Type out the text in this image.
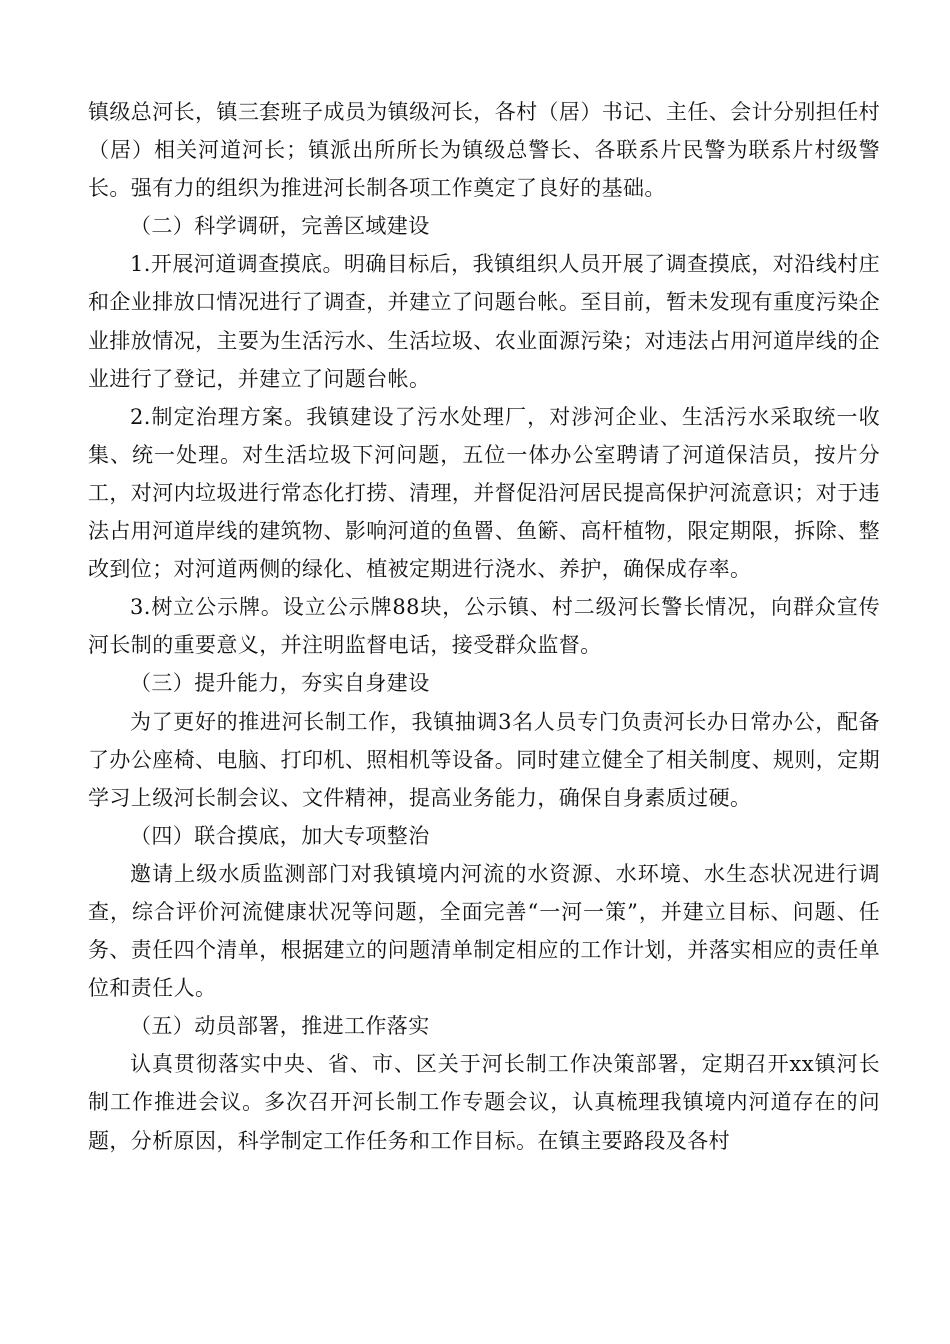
镇级总河长，镇三套班子成员为镇级河长，各村（居）书记、主任、会计分别担任村（居）相关河道河长；镇派出所所长为镇级总警长、各联系片民警为联系片村级警长。强有力的组织为推进河长制各项工作奠定了良好的基础。

（二）科学调研，完善区域建设

1.开展河道调查摸底。明确目标后，我镇组织人员开展了调查摸底，对沿线村庄和企业排放口情况进行了调查，并建立了问题台帐。至目前，暂未发现有重度污染企业排放情况，主要为生活污水、生活垃圾、农业面源污染；对违法占用河道岸线的企业进行了登记，并建立了问题台帐。

2.制定治理方案。我镇建设了污水处理厂，对涉河企业、生活污水采取统一收集、统一处理。对生活垃圾下河问题，五位一体办公室聘请了河道保洁员，按片分工，对河内垃圾进行常态化打捞、清理，并督促沿河居民提高保护河流意识；对于违法占用河道岸线的建筑物、影响河道的鱼罾、鱼簖、高杆植物，限定期限，拆除、整改到位；对河道两侧的绿化、植被定期进行浇水、养护，确保成存率。

3.树立公示牌。设立公示牌88块，公示镇、村二级河长警长情况，向群众宣传河长制的重要意义，并注明监督电话，接受群众监督。

（三）提升能力，夯实自身建设

为了更好的推进河长制工作，我镇抽调3名人员专门负责河长办日常办公，配备了办公座椅、电脑、打印机、照相机等设备。同时建立健全了相关制度、规则，定期学习上级河长制会议、文件精神，提高业务能力，确保自身素质过硬。

（四）联合摸底，加大专项整治

邀请上级水质监测部门对我镇境内河流的水资源、水环境、水生态状况进行调查，综合评价河流健康状况等问题，全面完善“一河一策”，并建立目标、问题、任务、责任四个清单，根据建立的问题清单制定相应的工作计划，并落实相应的责任单位和责任人。

（五）动员部署，推进工作落实

认真贯彻落实中央、省、市、区关于河长制工作决策部署，定期召开xx镇河长制工作推进会议。多次召开河长制工作专题会议，认真梳理我镇境内河道存在的问题，分析原因，科学制定工作任务和工作目标。在镇主要路段及各村
